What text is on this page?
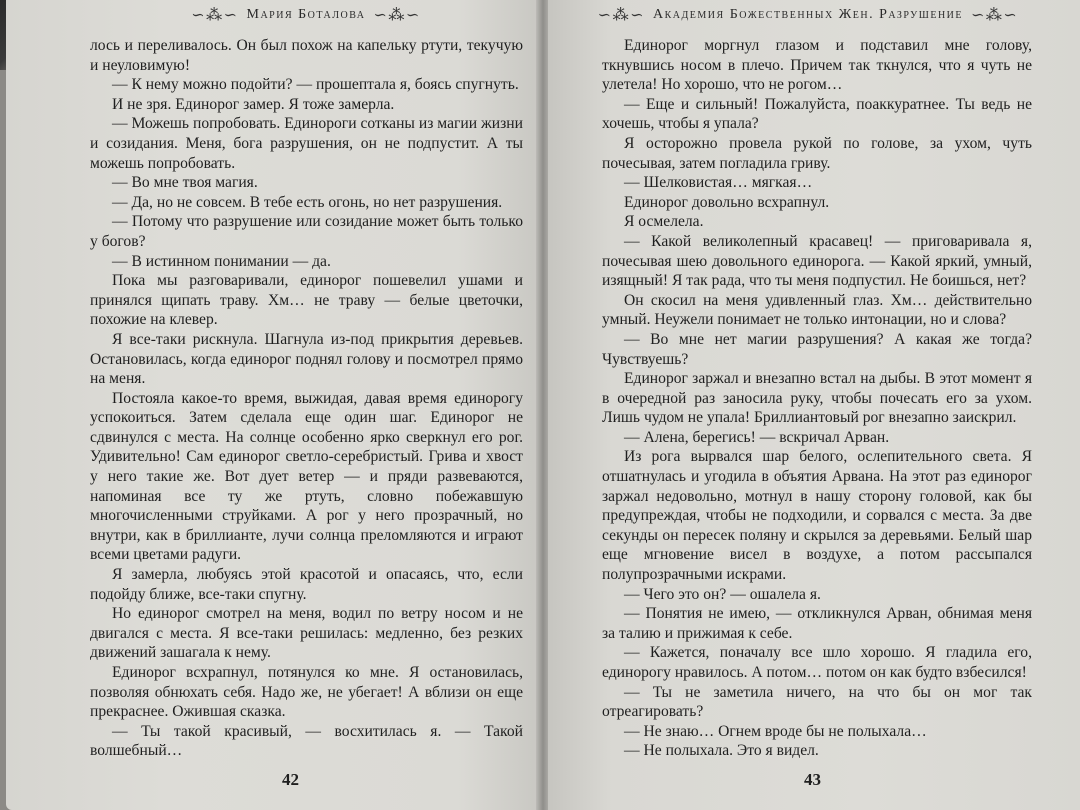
∽⁂∽ Мария Боталова ∽⁂∽

лось и переливалось. Он был похож на капельку ртути, текучую и неуловимую!

— К нему можно подойти? — прошептала я, боясь спугнуть.

И не зря. Единорог замер. Я тоже замерла.

— Можешь попробовать. Единороги сотканы из магии жизни и созидания. Меня, бога разрушения, он не подпустит. А ты можешь попробовать.

— Во мне твоя магия.

— Да, но не совсем. В тебе есть огонь, но нет разрушения.

— Потому что разрушение или созидание может быть только у богов?

— В истинном понимании — да.

Пока мы разговаривали, единорог пошевелил ушами и принялся щипать траву. Хм… не траву — белые цветочки, похожие на клевер.

Я все-таки рискнула. Шагнула из-под прикрытия деревьев. Остановилась, когда единорог поднял голову и посмотрел прямо на меня.

Постояла какое-то время, выжидая, давая время единорогу успокоиться. Затем сделала еще один шаг. Единорог не сдвинулся с места. На солнце особенно ярко сверкнул его рог. Удивительно! Сам единорог светло-серебристый. Грива и хвост у него такие же. Вот дует ветер — и пряди развеваются, напоминая все ту же ртуть, словно побежавшую многочисленными струйками. А рог у него прозрачный, но внутри, как в бриллианте, лучи солнца преломляются и играют всеми цветами радуги.

Я замерла, любуясь этой красотой и опасаясь, что, если подойду ближе, все-таки спугну.

Но единорог смотрел на меня, водил по ветру носом и не двигался с места. Я все-таки решилась: медленно, без резких движений зашагала к нему.

Единорог всхрапнул, потянулся ко мне. Я остановилась, позволяя обнюхать себя. Надо же, не убегает! А вблизи он еще прекраснее. Ожившая сказка.

— Ты такой красивый, — восхитилась я. — Такой волшебный…

42
∽⁂∽ Академия Божественных Жен. Разрушение ∽⁂∽

Единорог моргнул глазом и подставил мне голову, ткнувшись носом в плечо. Причем так ткнулся, что я чуть не улетела! Но хорошо, что не рогом…

— Еще и сильный! Пожалуйста, поаккуратнее. Ты ведь не хочешь, чтобы я упала?

Я осторожно провела рукой по голове, за ухом, чуть почесывая, затем погладила гриву.

— Шелковистая… мягкая…

Единорог довольно всхрапнул.

Я осмелела.

— Какой великолепный красавец! — приговаривала я, почесывая шею довольного единорога. — Какой яркий, умный, изящный! Я так рада, что ты меня подпустил. Не боишься, нет?

Он скосил на меня удивленный глаз. Хм… действительно умный. Неужели понимает не только интонации, но и слова?

— Во мне нет магии разрушения? А какая же тогда? Чувствуешь?

Единорог заржал и внезапно встал на дыбы. В этот момент я в очередной раз заносила руку, чтобы почесать его за ухом. Лишь чудом не упала! Бриллиантовый рог внезапно заискрил.

— Алена, берегись! — вскричал Арван.

Из рога вырвался шар белого, ослепительного света. Я отшатнулась и угодила в объятия Арвана. На этот раз единорог заржал недовольно, мотнул в нашу сторону головой, как бы предупреждая, чтобы не подходили, и сорвался с места. За две секунды он пересек поляну и скрылся за деревьями. Белый шар еще мгновение висел в воздухе, а потом рассыпался полупрозрачными искрами.

— Чего это он? — ошалела я.

— Понятия не имею, — откликнулся Арван, обнимая меня за талию и прижимая к себе.

— Кажется, поначалу все шло хорошо. Я гладила его, единорогу нравилось. А потом… потом он как будто взбесился!

— Ты не заметила ничего, на что бы он мог так отреагировать?

— Не знаю… Огнем вроде бы не полыхала…

— Не полыхала. Это я видел.

43
